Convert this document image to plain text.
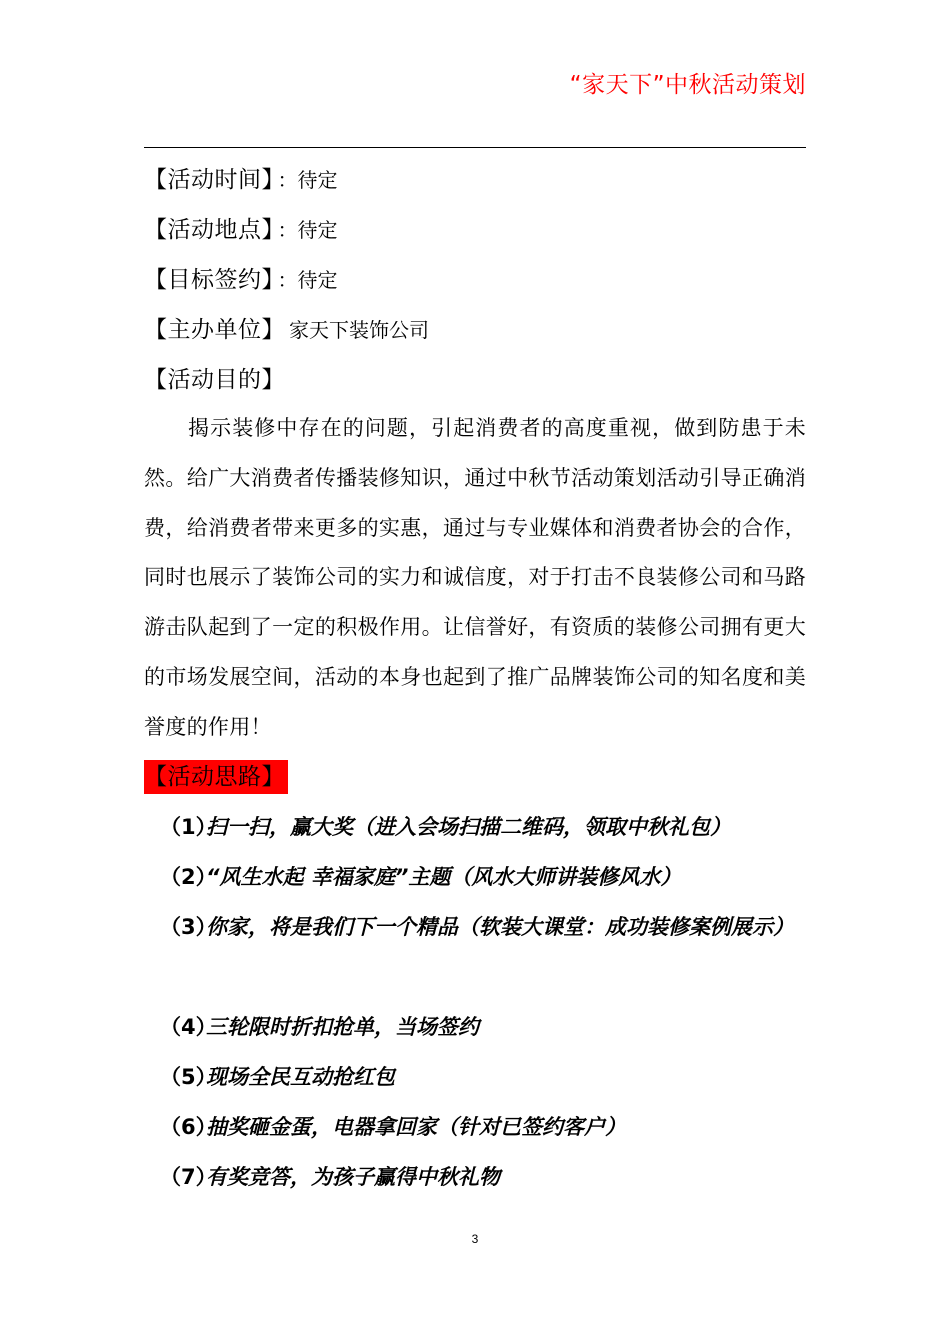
“家天下”中秋活动策划
【活动时间】 ：待定
【活动地点】 ：待定
【目标签约】 ：待定
【主办单位】 家天下装饰公司
【活动目的】
揭示装修中存在的问题，引起消费者的高度重视，做到防患于未然。给广大消费者传播装修知识，通过中秋节活动策划活动引导正确消费，给消费者带来更多的实惠，通过与专业媒体和消费者协会的合作，同时也展示了装饰公司的实力和诚信度，对于打击不良装修公司和马路游击队起到了一定的积极作用。让信誉好，有资质的装修公司拥有更大的市场发展空间，活动的本身也起到了推广品牌装饰公司的知名度和美誉度的作用！
【活动思路】
（1）扫一扫，赢大奖（进入会场扫描二维码，领取中秋礼包）
（2）“风生水起 幸福家庭”主题（风水大师讲装修风水）
（3）你家，将是我们下一个精品（软装大课堂：成功装修案例展示）
（4）三轮限时折扣抢单，当场签约
（5）现场全民互动抢红包
（6）抽奖砸金蛋，电器拿回家（针对已签约客户）
（7）有奖竞答，为孩子赢得中秋礼物
3
